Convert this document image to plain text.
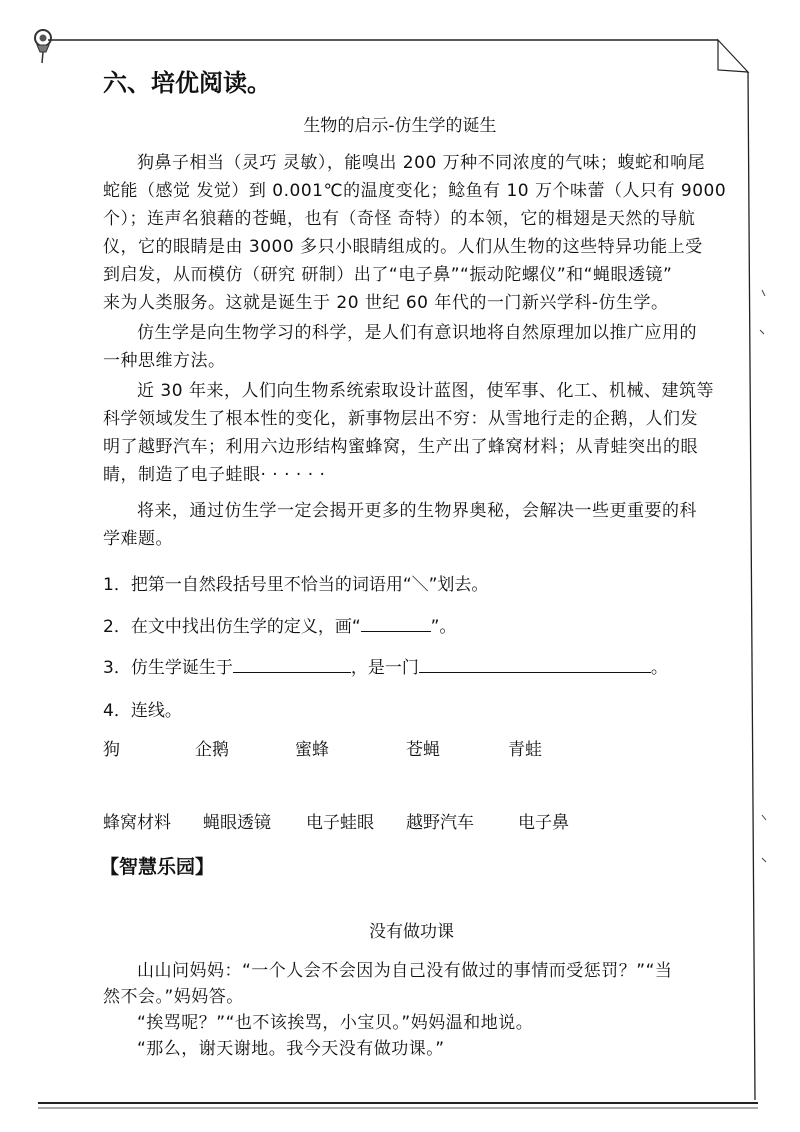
六、培优阅读。
生物的启示-仿生学的诞生
狗鼻子相当（灵巧 灵敏），能嗅出 200 万种不同浓度的气味；蝮蛇和响尾
蛇能（感觉 发觉）到 0.001℃的温度变化；鲶鱼有 10 万个味蕾（人只有 9000
个）；连声名狼藉的苍蝇，也有（奇怪 奇特）的本领，它的楫翅是天然的导航
仪，它的眼睛是由 3000 多只小眼睛组成的。人们从生物的这些特异功能上受
到启发，从而模仿（研究 研制）出了“电子鼻”“振动陀螺仪”和“蝇眼透镜”
来为人类服务。这就是诞生于 20 世纪 60 年代的一门新兴学科-仿生学。
仿生学是向生物学习的科学，是人们有意识地将自然原理加以推广应用的
一种思维方法。
近 30 年来，人们向生物系统索取设计蓝图，使军事、化工、机械、建筑等
科学领域发生了根本性的变化，新事物层出不穷：从雪地行走的企鹅，人们发
明了越野汽车；利用六边形结构蜜蜂窝，生产出了蜂窝材料；从青蛙突出的眼
睛，制造了电子蛙眼· · · · · ·
将来，通过仿生学一定会揭开更多的生物界奥秘，会解决一些更重要的科
学难题。
1．把第一自然段括号里不恰当的词语用“＼”划去。
2．在文中找出仿生学的定义，画“	”。
3．仿生学诞生于	，是一门	。
4．连线。
狗	企鹅	蜜蜂	苍蝇	青蛙
蜂窝材料 蝇眼透镜 电子蛙眼 越野汽车	电子鼻
【智慧乐园】
没有做功课
山山问妈妈：“一个人会不会因为自己没有做过的事情而受惩罚？”“当
然不会。”妈妈答。
“挨骂呢？”“也不该挨骂，小宝贝。”妈妈温和地说。
“那么，谢天谢地。我今天没有做功课。”
